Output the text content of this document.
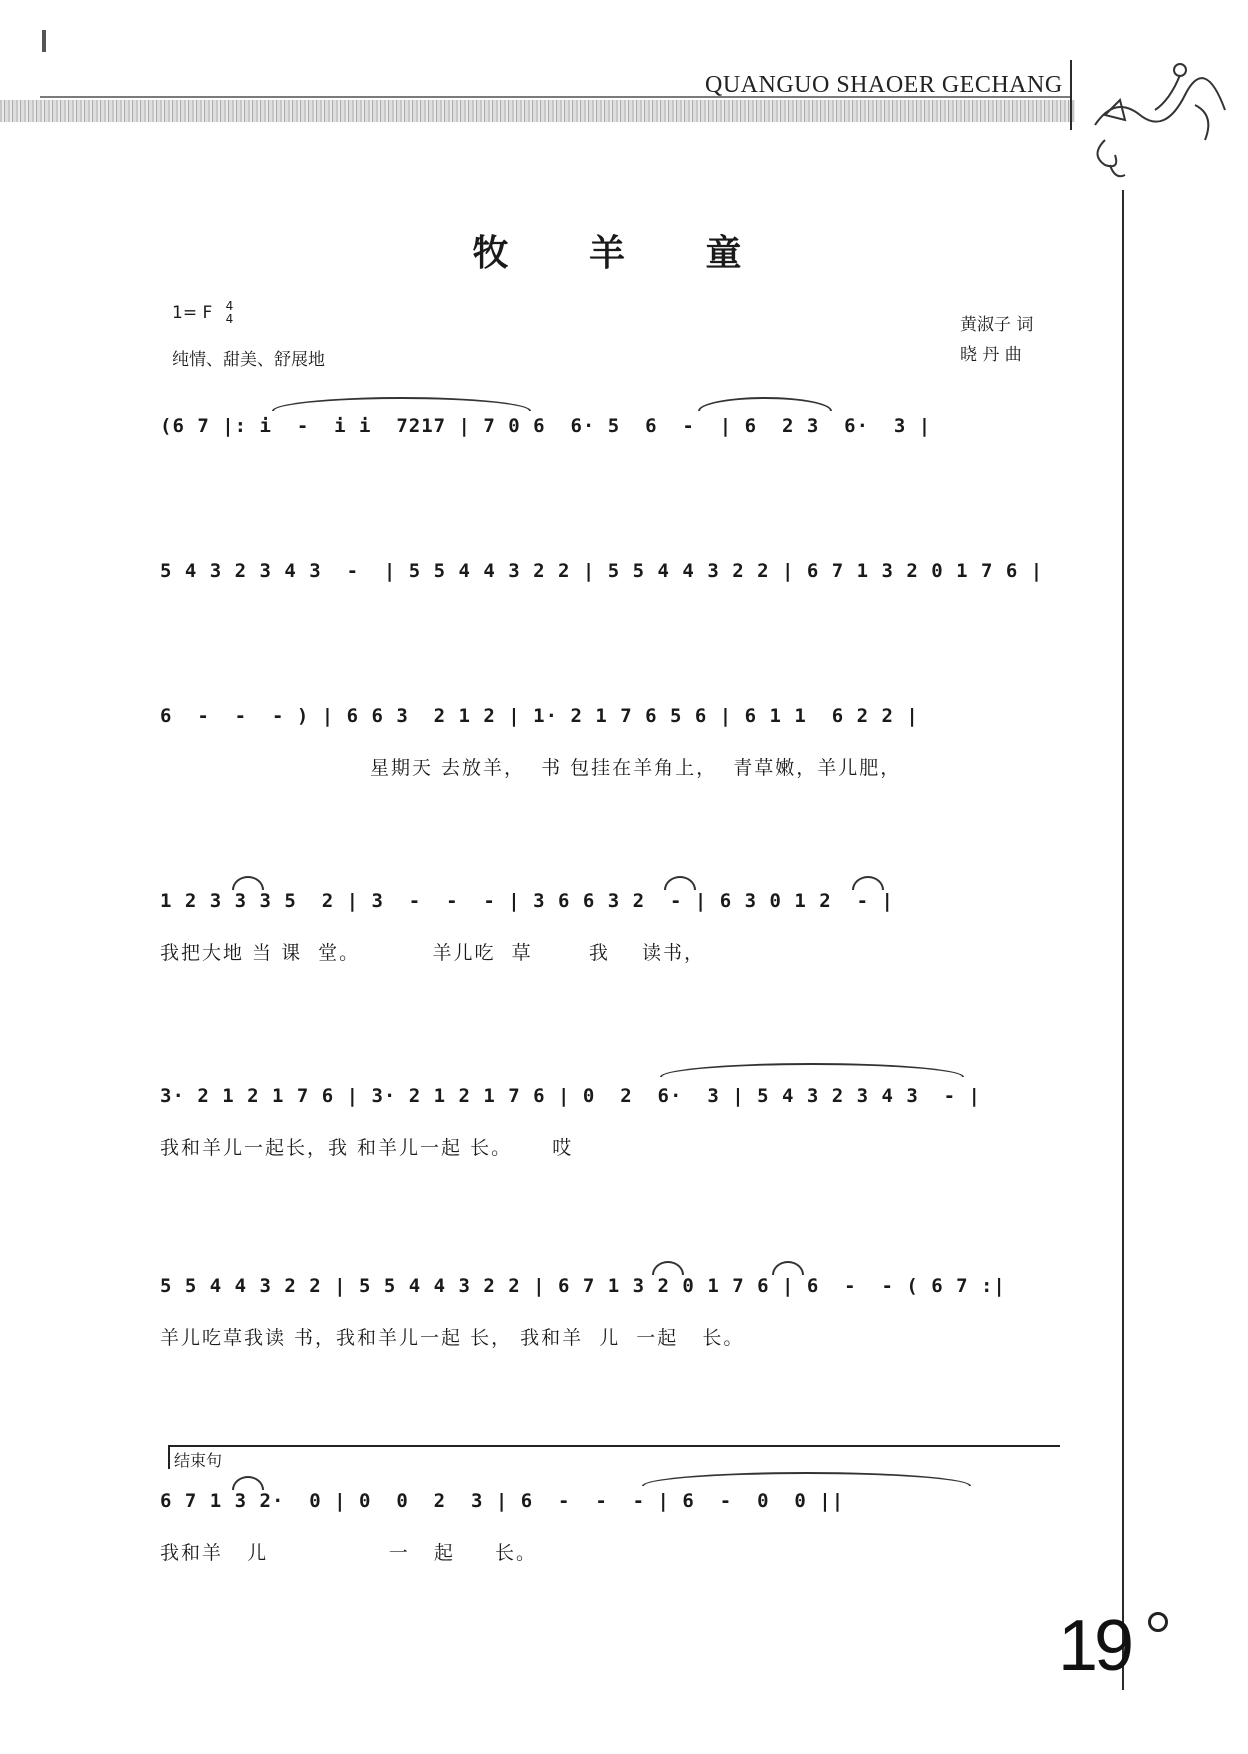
QUANGUO SHAOER GECHANG
牧 羊 童
1= F 4
4
纯情、甜美、舒展地
黄淑子 词
晓 丹 曲
(6 7 |: i  -  i i  7217 | 7 0 6  6· 5  6  -  | 6  2 3  6·  3 |
5 4 3 2 3 4 3  -  | 5 5 4 4 3 2 2 | 5 5 4 4 3 2 2 | 6 7 1 3 2 0 1 7 6 |
6  -  -  - ) | 6 6 3  2 1 2 | 1· 2 1 7 6 5 6 | 6 1 1  6 2 2 |
星期天 去放羊，  书 包挂在羊角上，  青草嫩，羊儿肥，
1 2 3 3 3 5  2 | 3  -  -  - | 3 6 6 3 2  - | 6 3 0 1 2  - |
我把大地 当 课  堂。         羊儿吃  草       我    读书，
3· 2 1 2 1 7 6 | 3· 2 1 2 1 7 6 | 0  2  6·  3 | 5 4 3 2 3 4 3  - |
我和羊儿一起长，我 和羊儿一起 长。     哎
5 5 4 4 3 2 2 | 5 5 4 4 3 2 2 | 6 7 1 3 2 0 1 7 6 | 6  -  - ( 6 7 :|
羊儿吃草我读 书，我和羊儿一起 长， 我和羊  儿  一起   长。
结束句
6 7 1 3 2·  0 | 0  0  2  3 | 6  -  -  - | 6  -  0  0 ||
我和羊   儿               一   起     长。
19
